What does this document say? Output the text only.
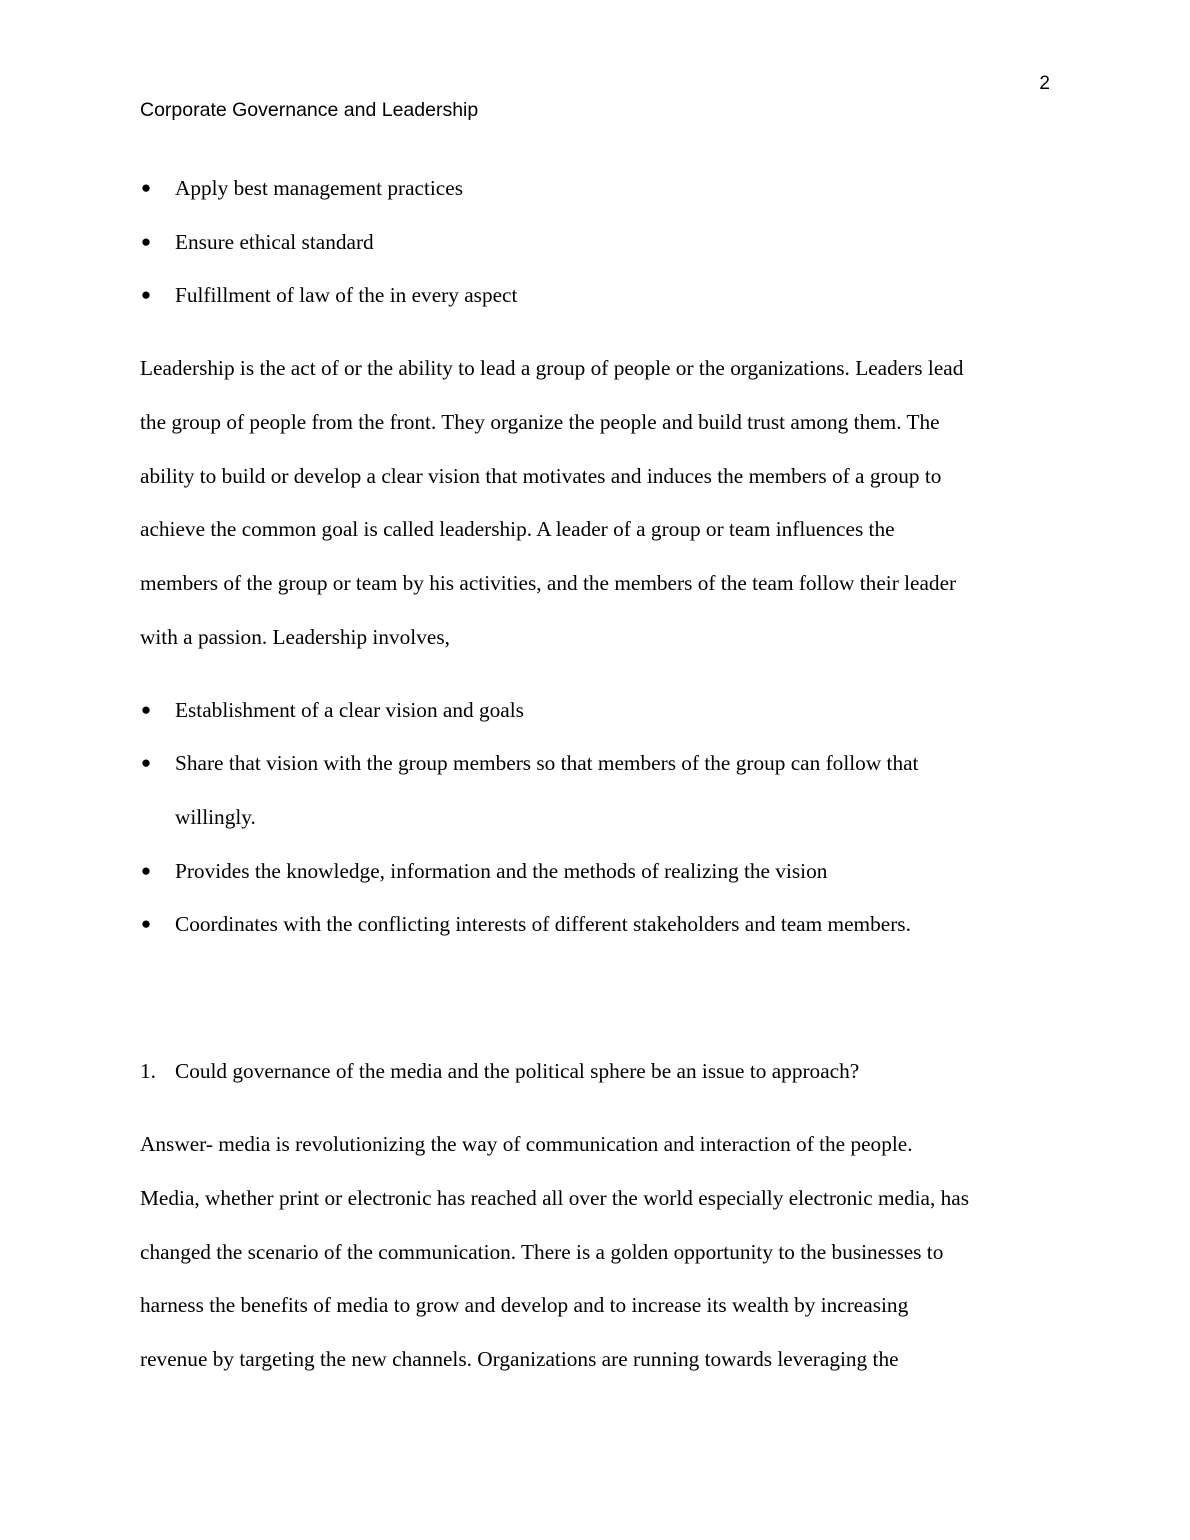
2
Corporate Governance and Leadership
● Apply best management practices
● Ensure ethical standard
● Fulfillment of law of the in every aspect
Leadership is the act of or the ability to lead a group of people or the organizations. Leaders lead
the group of people from the front. They organize the people and build trust among them. The
ability to build or develop a clear vision that motivates and induces the members of a group to
achieve the common goal is called leadership. A leader of a group or team influences the
members of the group or team by his activities, and the members of the team follow their leader
with a passion. Leadership involves,
● Establishment of a clear vision and goals
● Share that vision with the group members so that members of the group can follow that
willingly.
● Provides the knowledge, information and the methods of realizing the vision
● Coordinates with the conflicting interests of different stakeholders and team members.
1. Could governance of the media and the political sphere be an issue to approach?
Answer- media is revolutionizing the way of communication and interaction of the people.
Media, whether print or electronic has reached all over the world especially electronic media, has
changed the scenario of the communication. There is a golden opportunity to the businesses to
harness the benefits of media to grow and develop and to increase its wealth by increasing
revenue by targeting the new channels. Organizations are running towards leveraging the
